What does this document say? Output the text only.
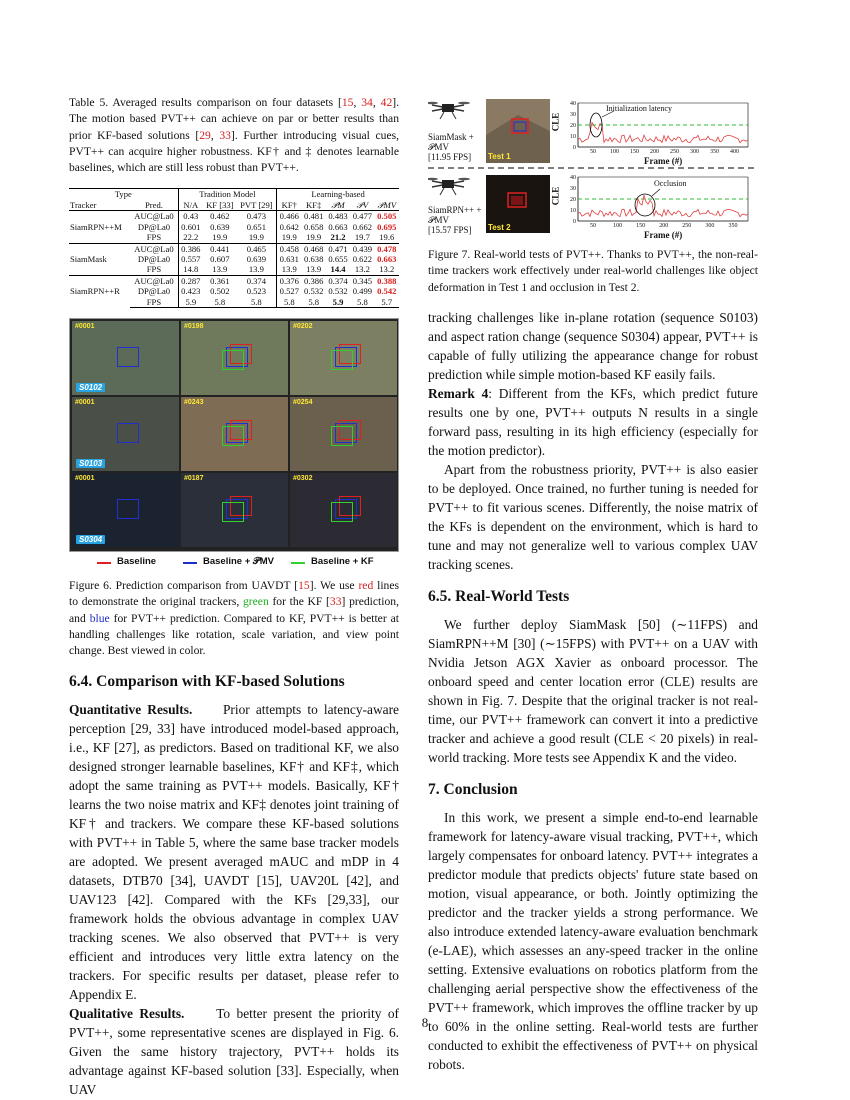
Table 5. Averaged results comparison on four datasets [15, 34, 42]. The motion based PVT++ can achieve on par or better results than prior KF-based solutions [29, 33]. Further introducing visual cues, PVT++ can acquire higher robustness. KF† and ‡ denotes learnable baselines, which are still less robust than PVT++.

Type		Tradition Model			Learning-based				
Tracker	Pred.	N/A	KF [33]	PVT [29]	KF†	KF‡	𝒫M	𝒫V	𝒫MV
SiamRPN++M	AUC@La0	0.43	0.462	0.473	0.466	0.481	0.483	0.477	0.505
	DP@La0	0.601	0.639	0.651	0.642	0.658	0.663	0.662	0.695
	FPS	22.2	19.9	19.9	19.9	19.9	21.2	19.7	19.6
SiamMask	AUC@La0	0.386	0.441	0.465	0.458	0.468	0.471	0.439	0.478
	DP@La0	0.557	0.607	0.639	0.631	0.638	0.655	0.622	0.663
	FPS	14.8	13.9	13.9	13.9	13.9	14.4	13.2	13.2
SiamRPN++R	AUC@La0	0.287	0.361	0.374	0.376	0.386	0.374	0.345	0.388
	DP@La0	0.423	0.502	0.523	0.527	0.532	0.532	0.499	0.542
	FPS	5.9	5.8	5.8	5.8	5.8	5.9	5.8	5.7
#0001
S0102
#0198	#0202
#0001
S0103
#0243	#0254
#0001
S0304
#0187	#0302
Baseline	Baseline + 𝒫MV	Baseline + KF

Figure 6. Prediction comparison from UAVDT [15]. We use red lines to demonstrate the original trackers, green for the KF [33] prediction, and blue for PVT++ prediction. Compared to KF, PVT++ is better at handling challenges like rotation, scale variation, and view point change. Best viewed in color.

6.4. Comparison with KF-based Solutions

Quantitative Results. Prior attempts to latency-aware perception [29, 33] have introduced model-based approach, i.e., KF [27], as predictors. Based on traditional KF, we also designed stronger learnable baselines, KF† and KF‡, which adopt the same training as PVT++ models. Basically, KF† learns the two noise matrix and KF‡ denotes joint training of KF† and trackers. We compare these KF-based solutions with PVT++ in Table 5, where the same base tracker models are adopted. We present averaged mAUC and mDP in 4 datasets, DTB70 [34], UAVDT [15], UAV20L [42], and UAV123 [42]. Compared with the KFs [29,33], our framework holds the obvious advantage in complex UAV tracking scenes. We also observed that PVT++ is very efficient and introduces very little extra latency on the trackers. For specific results per dataset, please refer to Appendix E.

Qualitative Results. To better present the priority of PVT++, some representative scenes are displayed in Fig. 6. Given the same history trajectory, PVT++ holds its advantage against KF-based solution [33]. Especially, when UAV

SiamMask + 𝒫MV
[11.95 FPS]
SiamRPN++ + 𝒫MV
[15.57 FPS]
Test 1
Test 2
CLE
CLE
40
30
20
10
0
40
30
20
10
0
50 100 150 200 250 300 350 400
50	100 150 200 250 300 350
Frame (#)
Frame (#)
Initialization latency
Occlusion

Figure 7. Real-world tests of PVT++. Thanks to PVT++, the non-real-time trackers work effectively under real-world challenges like object deformation in Test 1 and occlusion in Test 2.

tracking challenges like in-plane rotation (sequence S0103) and aspect ration change (sequence S0304) appear, PVT++ is capable of fully utilizing the appearance change for robust prediction while simple motion-based KF easily fails.

Remark 4: Different from the KFs, which predict future results one by one, PVT++ outputs N results in a single forward pass, resulting in its high efficiency (especially for the motion predictor).

Apart from the robustness priority, PVT++ is also easier to be deployed. Once trained, no further tuning is needed for PVT++ to fit various scenes. Differently, the noise matrix of the KFs is dependent on the environment, which is hard to tune and may not generalize well to various complex UAV tracking scenes.

6.5. Real-World Tests

We further deploy SiamMask [50] (∼11FPS) and SiamRPN++M [30] (∼15FPS) with PVT++ on a UAV with Nvidia Jetson AGX Xavier as onboard processor. The onboard speed and center location error (CLE) results are shown in Fig. 7. Despite that the original tracker is not real-time, our PVT++ framework can convert it into a predictive tracker and achieve a good result (CLE < 20 pixels) in real-world tracking. More tests see Appendix K and the video.

7. Conclusion

In this work, we present a simple end-to-end learnable framework for latency-aware visual tracking, PVT++, which largely compensates for onboard latency. PVT++ integrates a predictor module that predicts objects' future state based on motion, visual appearance, or both. Jointly optimizing the predictor and the tracker yields a strong performance. We also introduce extended latency-aware evaluation benchmark (e-LAE), which assesses an any-speed tracker in the online setting. Extensive evaluations on robotics platform from the challenging aerial perspective show the effectiveness of the PVT++ framework, which improves the offline tracker by up to 60% in the online setting. Real-world tests are further conducted to exhibit the effectiveness of PVT++ on physical robots.

8
